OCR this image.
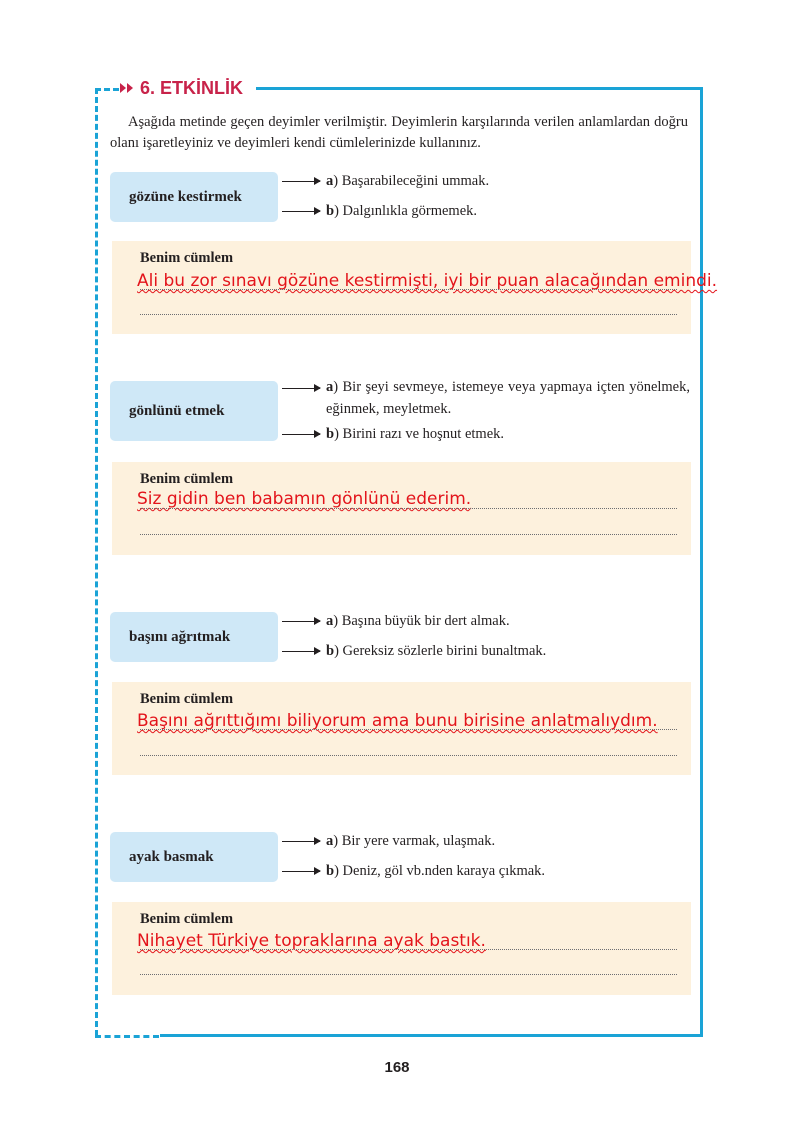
6. ETKİNLİK
Aşağıda metinde geçen deyimler verilmiştir. Deyimlerin karşılarında verilen anlamlardan doğru olanı işaretleyiniz ve deyimleri kendi cümlelerinizde kullanınız.
gözüne kestirmek
a) Başarabileceğini ummak.
b) Dalgınlıkla görmemek.
Benim cümlem
Ali bu zor sınavı gözüne kestirmişti, iyi bir puan alacağından emindi.
gönlünü etmek
a) Bir şeyi sevmeye, istemeye veya yapmaya içten yönelmek, eğinmek, meyletmek.
b) Birini razı ve hoşnut etmek.
Benim cümlem
Siz gidin ben babamın gönlünü ederim.
başını ağrıtmak
a) Başına büyük bir dert almak.
b) Gereksiz sözlerle birini bunaltmak.
Benim cümlem
Başını ağrıttığımı biliyorum ama bunu birisine anlatmalıydım.
ayak basmak
a) Bir yere varmak, ulaşmak.
b) Deniz, göl vb.nden karaya çıkmak.
Benim cümlem
Nihayet Türkiye topraklarına ayak bastık.
168
